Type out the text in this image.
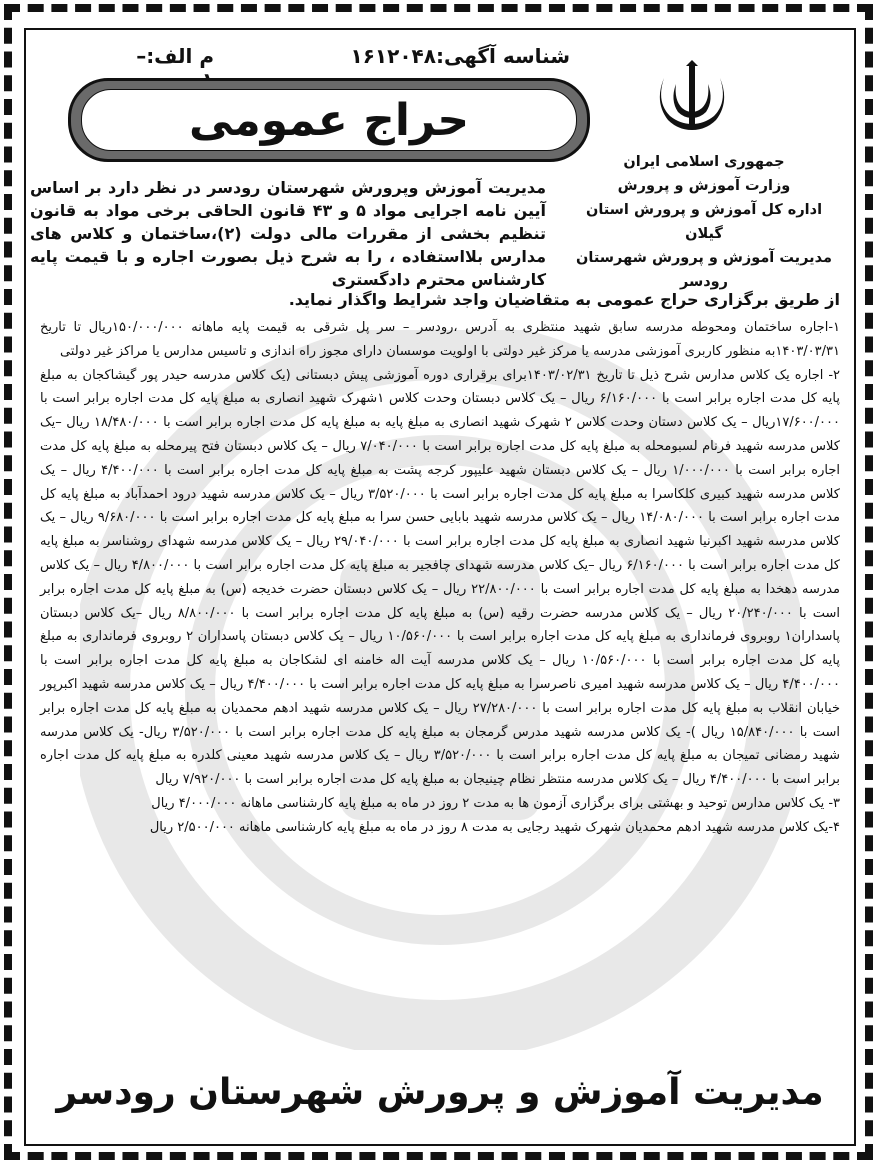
شناسه آگهی:۱۶۱۲۰۴۸
م الف:–
حراج عمومی
جمهوری اسلامی ایران
وزارت آموزش و پرورش
اداره کل آموزش و پرورش استان گیلان
مدیریت آموزش و پرورش شهرستان رودسر
مدیریت آموزش وپرورش شهرستان رودسر در نظر دارد بر اساس آیین نامه اجرایی مواد ۵ و ۴۳ قانون الحاقی برخی مواد به قانون تنظیم بخشی از مقررات مالی دولت (۲)،ساختمان و کلاس های مدارس بلااستفاده ، را به شرح ذیل بصورت اجاره و با قیمت پایه کارشناس محترم دادگستری
از طریق برگزاری حراج عمومی به متقاضیان واجد شرایط واگذار نماید.

۱-اجاره ساختمان ومحوطه مدرسه سابق شهید منتظری به آدرس ،رودسر – سر پل شرقی به قیمت پایه ماهانه ۱۵۰/۰۰۰/۰۰۰ریال تا تاریخ ۱۴۰۳/۰۳/۳۱به منظور کاربری آموزشی مدرسه یا مرکز غیر دولتی با اولویت موسسان دارای مجوز راه اندازی و تاسیس مدارس یا مراکز غیر دولتی

۲- اجاره یک کلاس مدارس شرح ذیل تا تاریخ ۱۴۰۳/۰۲/۳۱برای برقراری دوره آموزشی پیش دبستانی (یک کلاس مدرسه حیدر پور گیشاکجان به مبلغ پایه کل مدت اجاره برابر است با ۶/۱۶۰/۰۰۰ ریال – یک کلاس دبستان وحدت کلاس ۱شهرک شهید انصاری به مبلغ پایه کل مدت اجاره برابر است با ۱۷/۶۰۰/۰۰۰ریال – یک کلاس دستان وحدت کلاس ۲ شهرک شهید انصاری به مبلغ پایه به مبلغ پایه کل مدت اجاره برابر است با ۱۸/۴۸۰/۰۰۰ ریال –یک کلاس مدرسه شهید فرنام لسبومحله به مبلغ پایه کل مدت اجاره برابر است با ۷/۰۴۰/۰۰۰ ریال – یک کلاس دبستان فتح پیرمحله به مبلغ پایه کل مدت اجاره برابر است با ۱/۰۰۰/۰۰۰ ریال – یک کلاس دبستان شهید علیپور کرجه پشت به مبلغ پایه کل مدت اجاره برابر است با ۴/۴۰۰/۰۰۰ ریال – یک کلاس مدرسه شهید کبیری کلکاسرا به مبلغ پایه کل مدت اجاره برابر است با ۳/۵۲۰/۰۰۰ ریال – یک کلاس مدرسه شهید درود احمدآباد به مبلغ پایه کل مدت اجاره برابر است با ۱۴/۰۸۰/۰۰۰ ریال – یک کلاس مدرسه شهید بابایی حسن سرا به مبلغ پایه کل مدت اجاره برابر است با ۹/۶۸۰/۰۰۰ ریال – یک کلاس مدرسه شهید اکبرنیا شهید انصاری به مبلغ پایه کل مدت اجاره برابر است با ۲۹/۰۴۰/۰۰۰ ریال – یک کلاس مدرسه شهدای روشناسر به مبلغ پایه کل مدت اجاره برابر است با ۶/۱۶۰/۰۰۰ ریال –یک کلاس مدرسه شهدای چافجیر به مبلغ پایه کل مدت اجاره برابر است با ۴/۸۰۰/۰۰۰ ریال – یک کلاس مدرسه دهخدا به مبلغ پایه کل مدت اجاره برابر است با ۲۲/۸۰۰/۰۰۰ ریال – یک کلاس دبستان حضرت خدیجه (س) به مبلغ پایه کل مدت اجاره برابر است با ۲۰/۲۴۰/۰۰۰ ریال – یک کلاس مدرسه حضرت رقیه (س) به مبلغ پایه کل مدت اجاره برابر است با ۸/۸۰۰/۰۰۰ ریال –یک کلاس دبستان پاسداران۱ روبروی فرمانداری به مبلغ پایه کل مدت اجاره برابر است با ۱۰/۵۶۰/۰۰۰ ریال – یک کلاس دبستان پاسداران ۲ روبروی فرمانداری به مبلغ پایه کل مدت اجاره برابر است با ۱۰/۵۶۰/۰۰۰ ریال – یک کلاس مدرسه آیت اله خامنه ای لشکاجان به مبلغ پایه کل مدت اجاره برابر است با ۴/۴۰۰/۰۰۰ ریال – یک کلاس مدرسه شهید امیری ناصرسرا به مبلغ پایه کل مدت اجاره برابر است با ۴/۴۰۰/۰۰۰ ریال – یک کلاس مدرسه شهید اکبرپور خیابان انقلاب به مبلغ پایه کل مدت اجاره برابر است با ۲۷/۲۸۰/۰۰۰ ریال – یک کلاس مدرسه شهید ادهم محمدیان به مبلغ پایه کل مدت اجاره برابر است با ۱۵/۸۴۰/۰۰۰ ریال )- یک کلاس مدرسه شهید مدرس گرمجان به مبلغ پایه کل مدت اجاره برابر است با ۳/۵۲۰/۰۰۰ ریال- یک کلاس مدرسه شهید رمضانی تمیجان به مبلغ پایه کل مدت اجاره برابر است با ۳/۵۲۰/۰۰۰ ریال – یک کلاس مدرسه شهید معینی کلدره به مبلغ پایه کل مدت اجاره برابر است با ۴/۴۰۰/۰۰۰ ریال – یک کلاس مدرسه منتظر نظام چینیجان به مبلغ پایه کل مدت اجاره برابر است با ۷/۹۲۰/۰۰۰ ریال

۳- یک کلاس مدارس توحید و بهشتی برای برگزاری آزمون ها به مدت ۲ روز در ماه به مبلغ پایه کارشناسی ماهانه ۴/۰۰۰/۰۰۰ ریال

۴-یک کلاس مدرسه شهید ادهم محمدیان شهرک شهید رجایی به مدت ۸ روز در ماه به مبلغ پایه کارشناسی ماهانه ۲/۵۰۰/۰۰۰ ریال

مدیریت آموزش و پرورش شهرستان رودسر
